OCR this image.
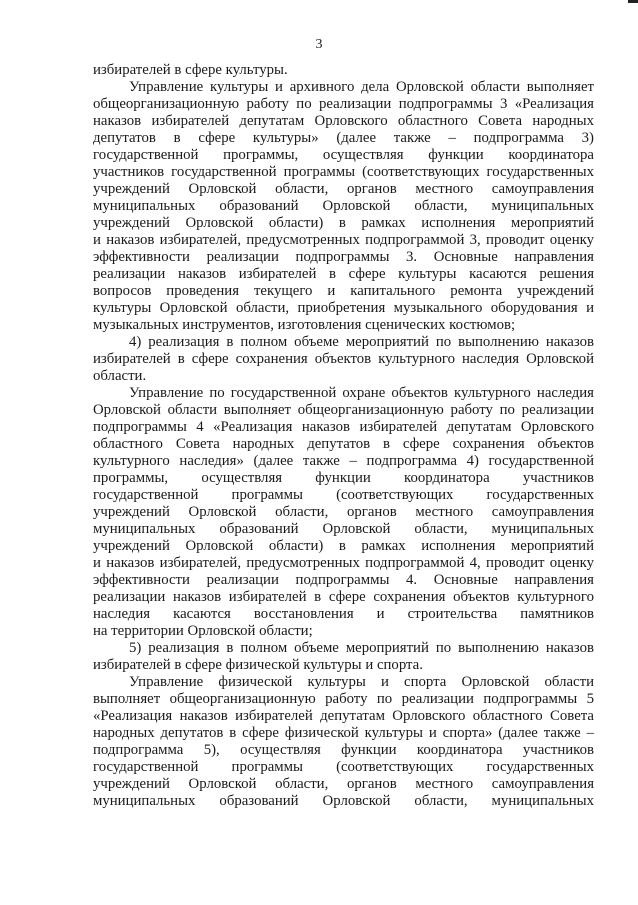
3
избирателей в сфере культуры.
Управление культуры и архивного дела Орловской области выполняет
общеорганизационную работу по реализации подпрограммы 3 «Реализация
наказов избирателей депутатам Орловского областного Совета народных
депутатов в сфере культуры» (далее также – подпрограмма 3)
государственной программы, осуществляя функции координатора
участников государственной программы (соответствующих государственных
учреждений Орловской области, органов местного самоуправления
муниципальных образований Орловской области, муниципальных
учреждений Орловской области) в рамках исполнения мероприятий
и наказов избирателей, предусмотренных подпрограммой 3, проводит оценку
эффективности реализации подпрограммы 3. Основные направления
реализации наказов избирателей в сфере культуры касаются решения
вопросов проведения текущего и капитального ремонта учреждений
культуры Орловской области, приобретения музыкального оборудования и
музыкальных инструментов, изготовления сценических костюмов;
4) реализация в полном объеме мероприятий по выполнению наказов
избирателей в сфере сохранения объектов культурного наследия Орловской
области.
Управление по государственной охране объектов культурного наследия
Орловской области выполняет общеорганизационную работу по реализации
подпрограммы 4 «Реализация наказов избирателей депутатам Орловского
областного Совета народных депутатов в сфере сохранения объектов
культурного наследия» (далее также – подпрограмма 4) государственной
программы, осуществляя функции координатора участников
государственной программы (соответствующих государственных
учреждений Орловской области, органов местного самоуправления
муниципальных образований Орловской области, муниципальных
учреждений Орловской области) в рамках исполнения мероприятий
и наказов избирателей, предусмотренных подпрограммой 4, проводит оценку
эффективности реализации подпрограммы 4. Основные направления
реализации наказов избирателей в сфере сохранения объектов культурного
наследия касаются восстановления и строительства памятников
на территории Орловской области;
5) реализация в полном объеме мероприятий по выполнению наказов
избирателей в сфере физической культуры и спорта.
Управление физической культуры и спорта Орловской области
выполняет общеорганизационную работу по реализации подпрограммы 5
«Реализация наказов избирателей депутатам Орловского областного Совета
народных депутатов в сфере физической культуры и спорта» (далее также –
подпрограмма 5), осуществляя функции координатора участников
государственной программы (соответствующих государственных
учреждений Орловской области, органов местного самоуправления
муниципальных образований Орловской области, муниципальных
